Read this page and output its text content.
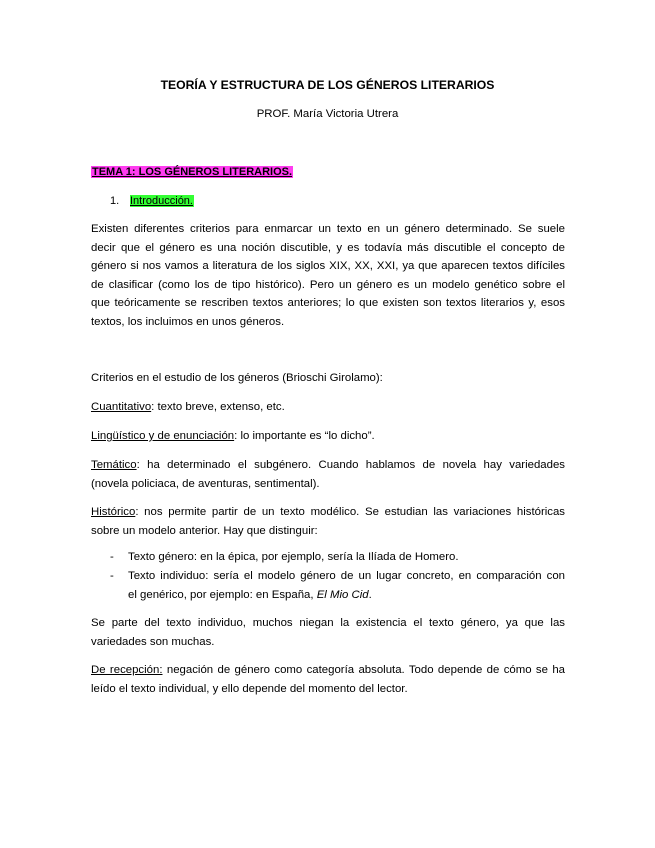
TEORÍA Y ESTRUCTURA DE LOS GÉNEROS LITERARIOS
PROF. María Victoria Utrera
TEMA 1: LOS GÉNEROS LITERARIOS.
1. Introducción.
Existen diferentes criterios para enmarcar un texto en un género determinado. Se suele
decir que el género es una noción discutible, y es todavía más discutible el concepto de
género si nos vamos a literatura de los siglos XIX, XX, XXI, ya que aparecen textos difíciles
de clasificar (como los de tipo histórico). Pero un género es un modelo genético sobre el
que teóricamente se rescriben textos anteriores; lo que existen son textos literarios y, esos
textos, los incluimos en unos géneros.
Criterios en el estudio de los géneros (Brioschi Girolamo):
Cuantitativo: texto breve, extenso, etc.
Lingüístico y de enunciación: lo importante es “lo dicho”.
Temático: ha determinado el subgénero. Cuando hablamos de novela hay variedades
(novela policiaca, de aventuras, sentimental).
Histórico: nos permite partir de un texto modélico. Se estudian las variaciones históricas
sobre un modelo anterior. Hay que distinguir:
- Texto género: en la épica, por ejemplo, sería la Ilíada de Homero.
- Texto individuo: sería el modelo género de un lugar concreto, en comparación con
el genérico, por ejemplo: en España, El Mio Cid.
Se parte del texto individuo, muchos niegan la existencia el texto género, ya que las
variedades son muchas.
De recepción: negación de género como categoría absoluta. Todo depende de cómo se ha
leído el texto individual, y ello depende del momento del lector.
